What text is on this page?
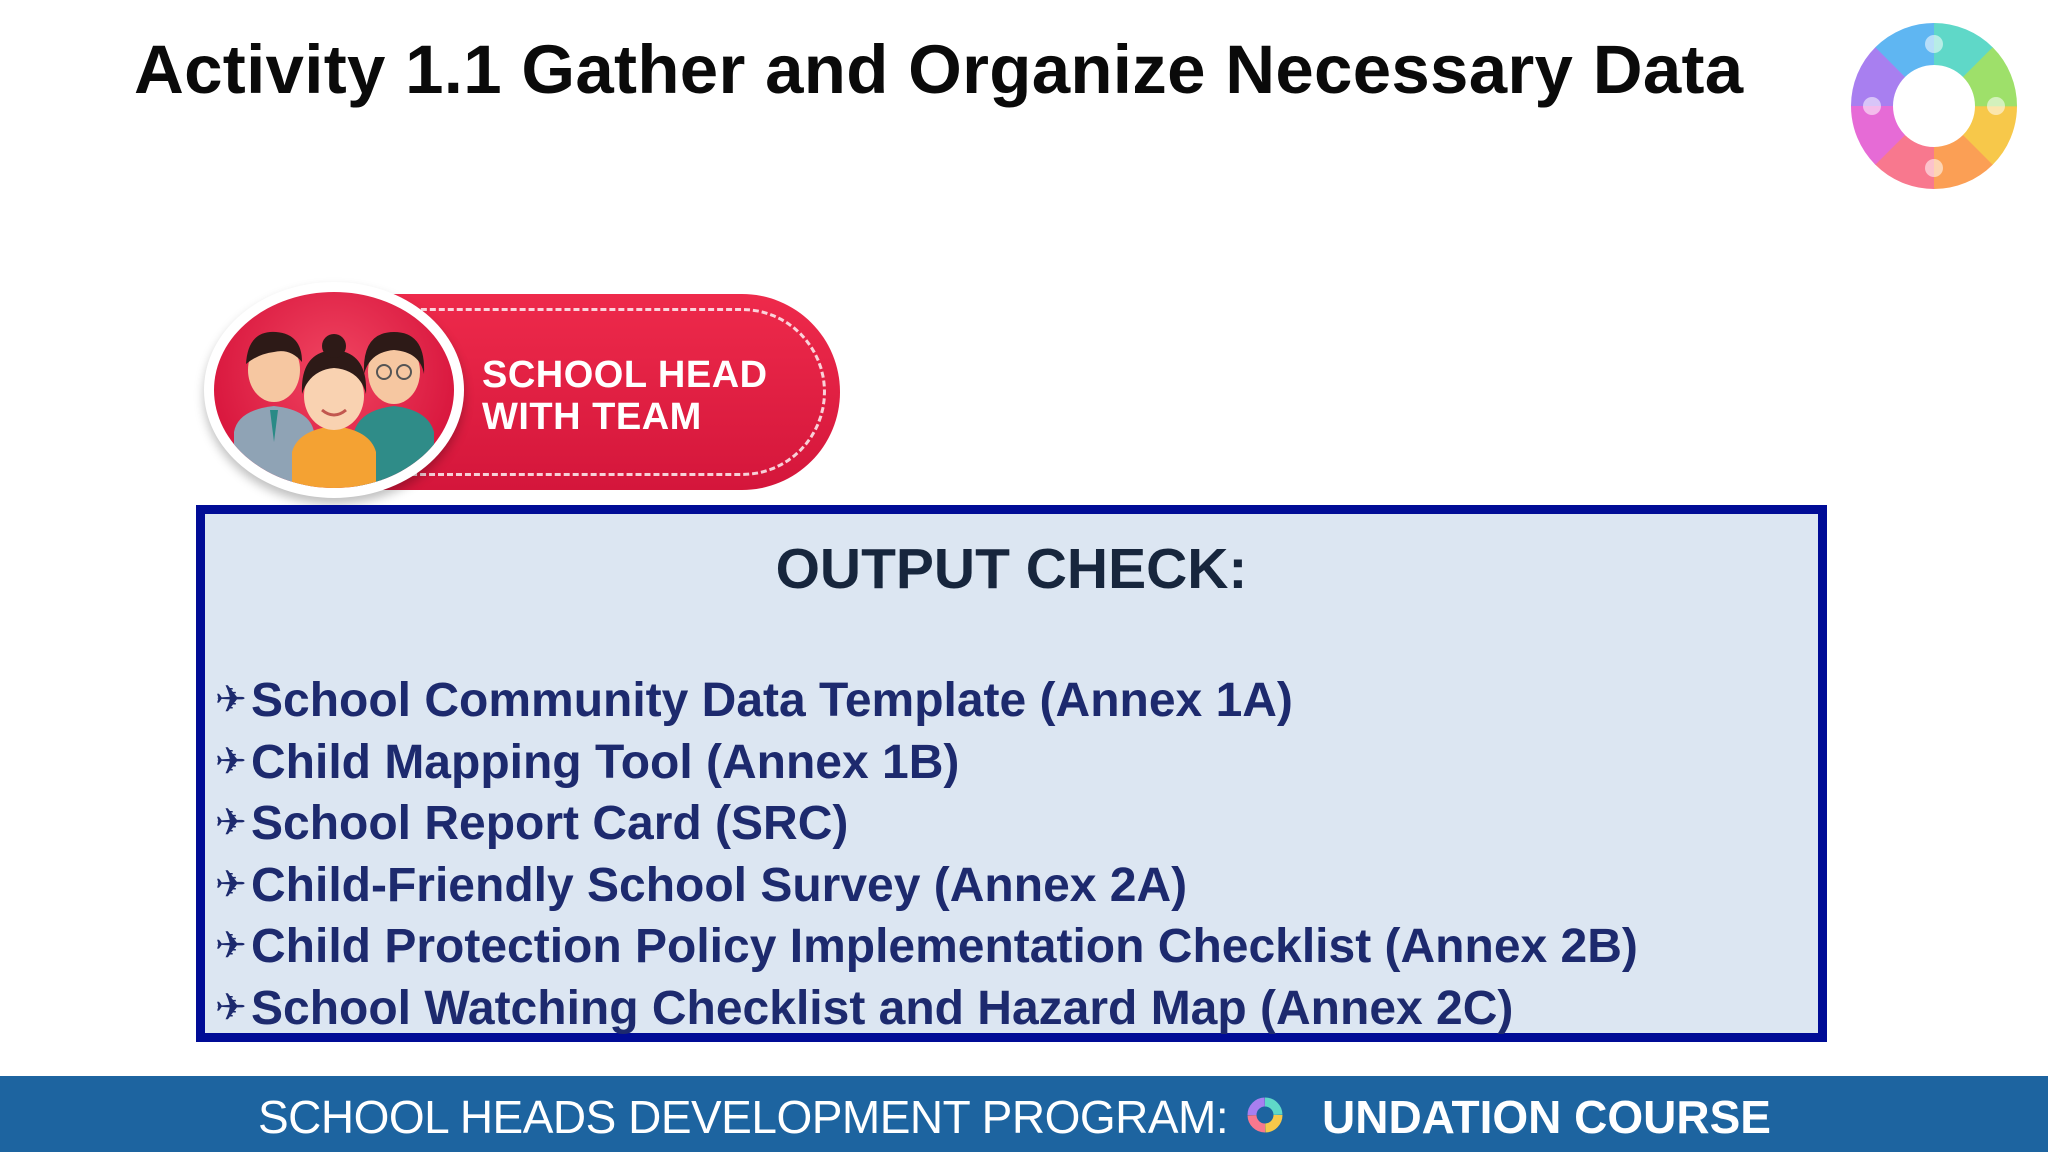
Activity 1.1 Gather and Organize Necessary Data

SCHOOL HEAD
WITH TEAM

OUTPUT CHECK:
✈School Community Data Template (Annex 1A)
✈Child Mapping Tool (Annex 1B)
✈School Report Card (SRC)
✈Child-Friendly School Survey (Annex 2A)
✈Child Protection Policy Implementation Checklist (Annex 2B)
✈School Watching Checklist and Hazard Map (Annex 2C)
SCHOOL HEADS DEVELOPMENT PROGRAM: UNDATION COURSE
